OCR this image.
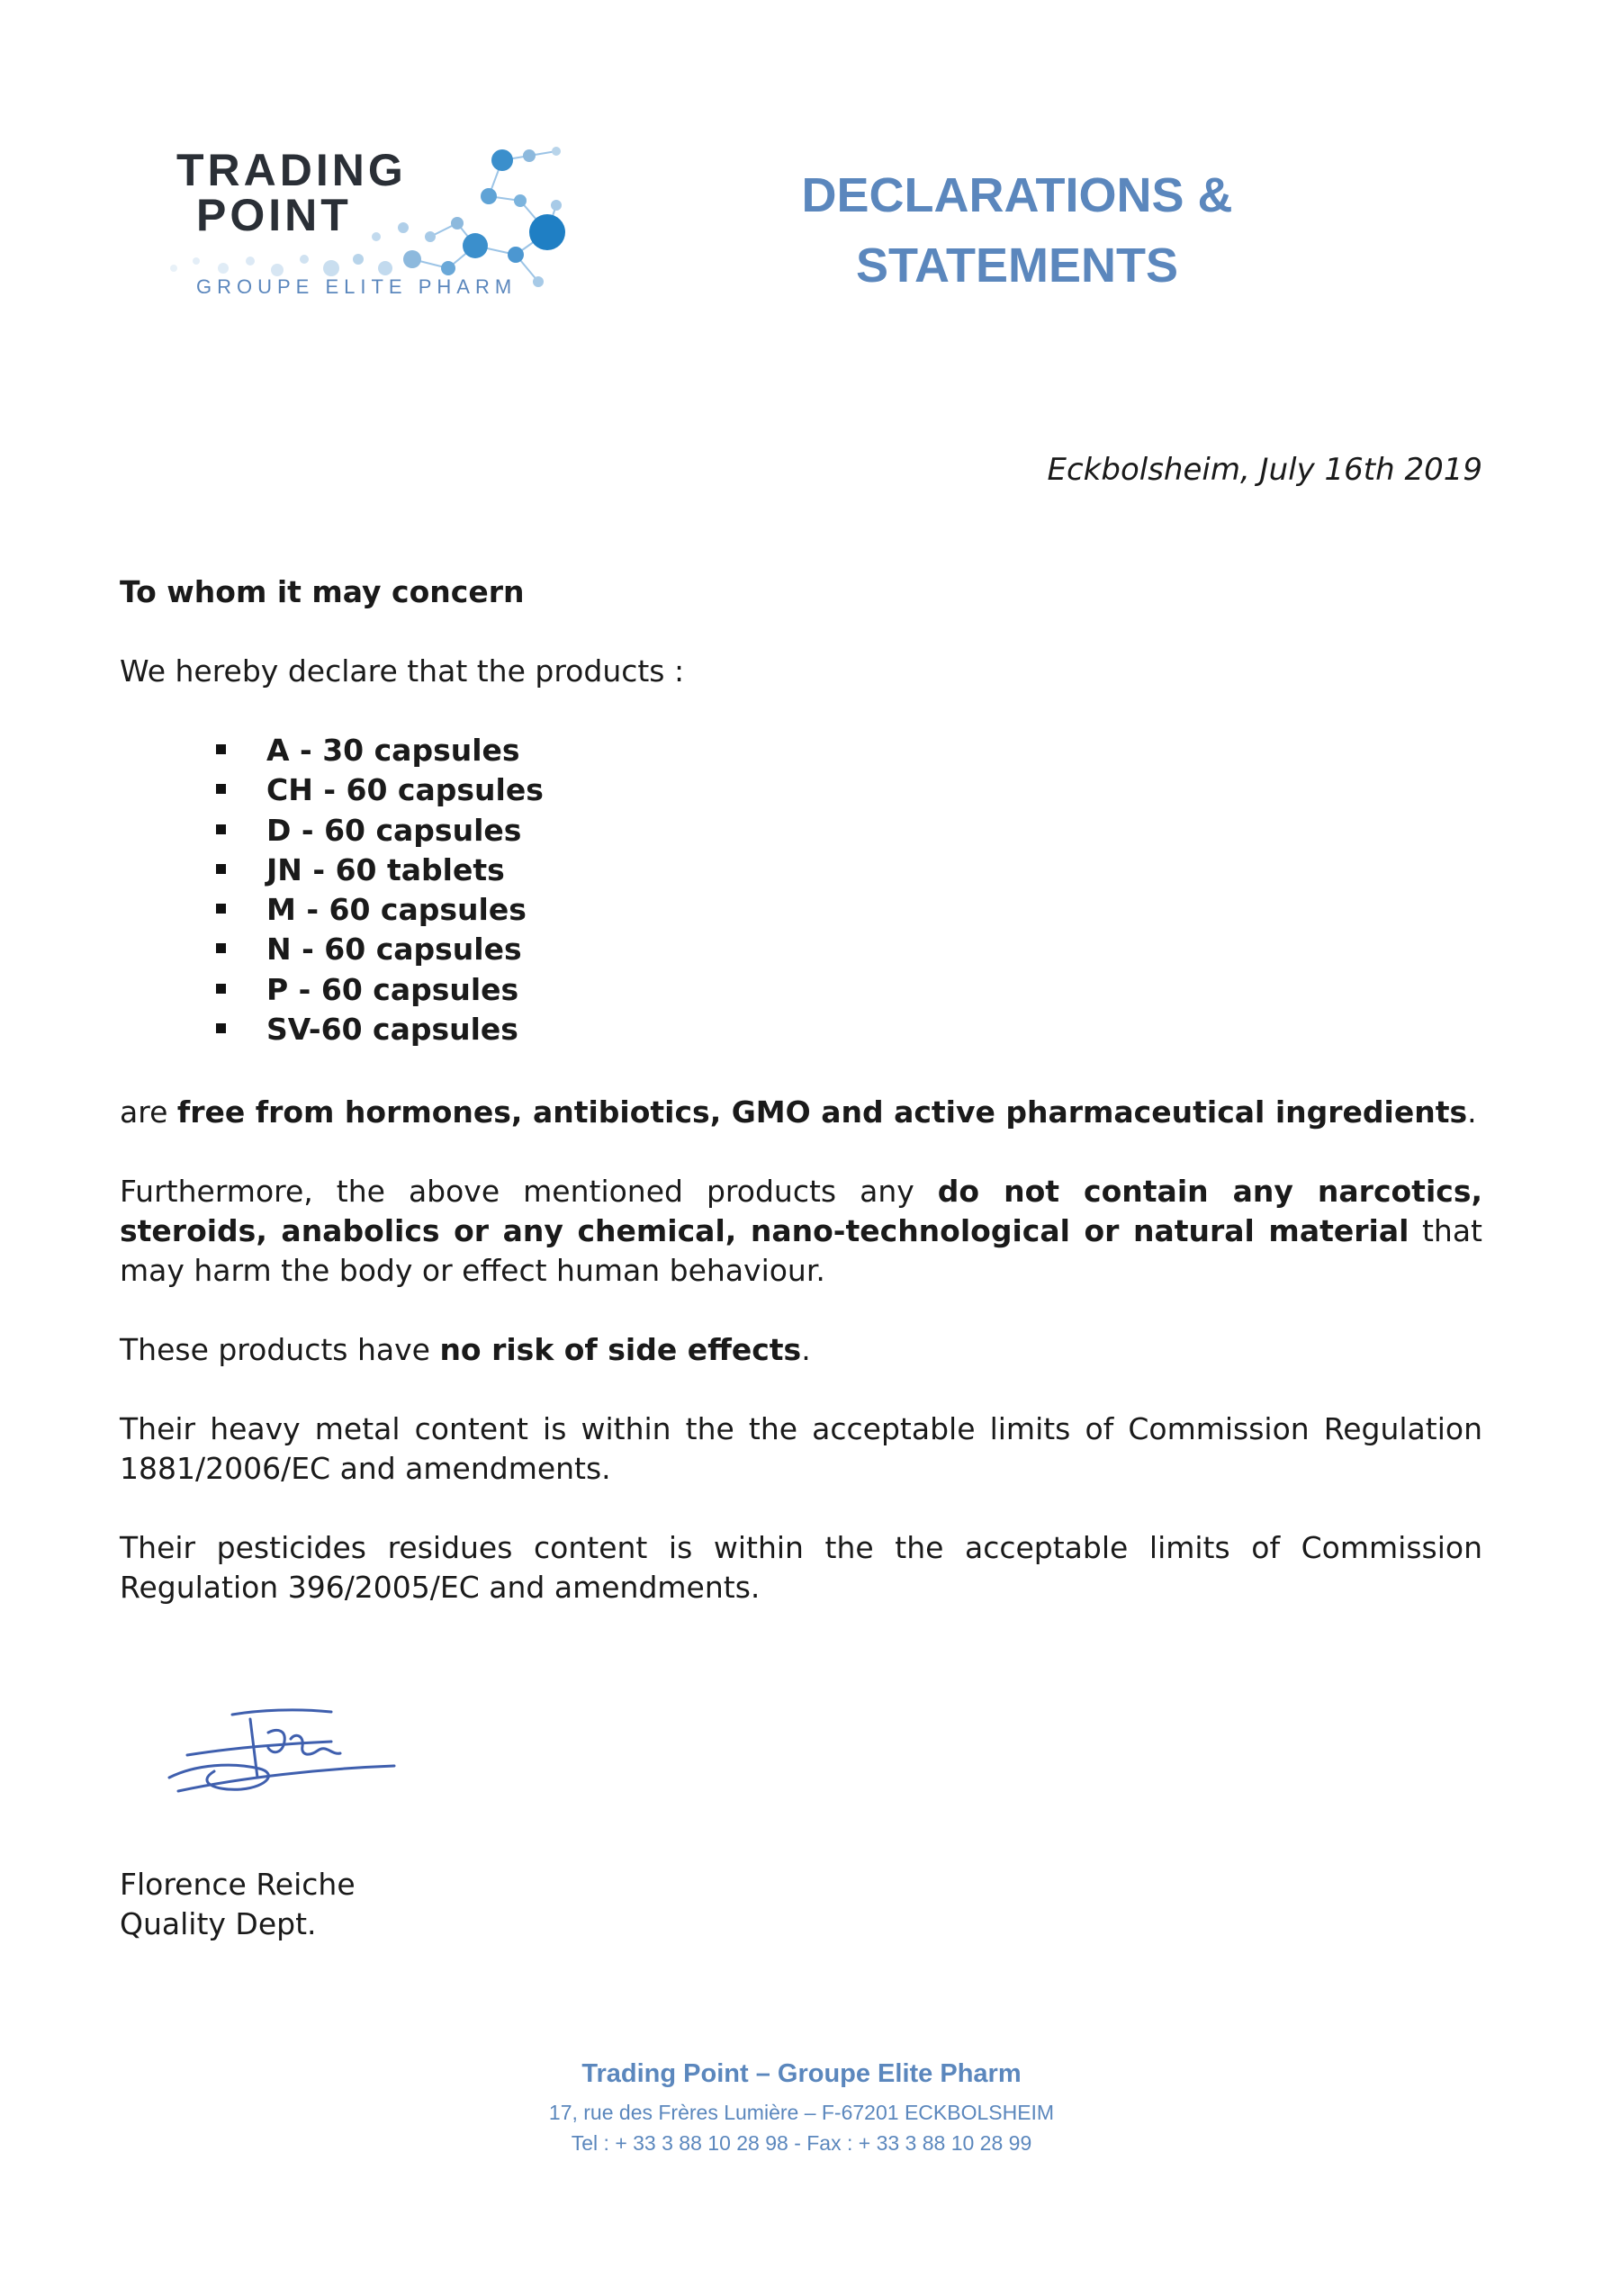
TRADING
POINT
GROUPE ELITE PHARM
DECLARATIONS &
STATEMENTS
Eckbolsheim, July 16th 2019
To whom it may concern
We hereby declare that the products :
A - 30 capsules
CH - 60 capsules
D - 60 capsules
JN - 60 tablets
M - 60 capsules
N - 60 capsules
P - 60 capsules
SV-60 capsules
are free from hormones, antibiotics, GMO and active pharmaceutical ingredients.
Furthermore, the above mentioned products any do not contain any narcotics, steroids, anabolics or any chemical, nano-technological or natural material that may harm the body or effect human behaviour.
These products have no risk of side effects.
Their heavy metal content is within the the acceptable limits of Commission Regulation 1881/2006/EC and amendments.
Their pesticides residues content is within the the acceptable limits of Commission Regulation 396/2005/EC and amendments.
Florence Reiche
Quality Dept.
Trading Point – Groupe Elite Pharm
17, rue des Frères Lumière – F-67201 ECKBOLSHEIM
Tel : + 33 3 88 10 28 98 - Fax : + 33 3 88 10 28 99
